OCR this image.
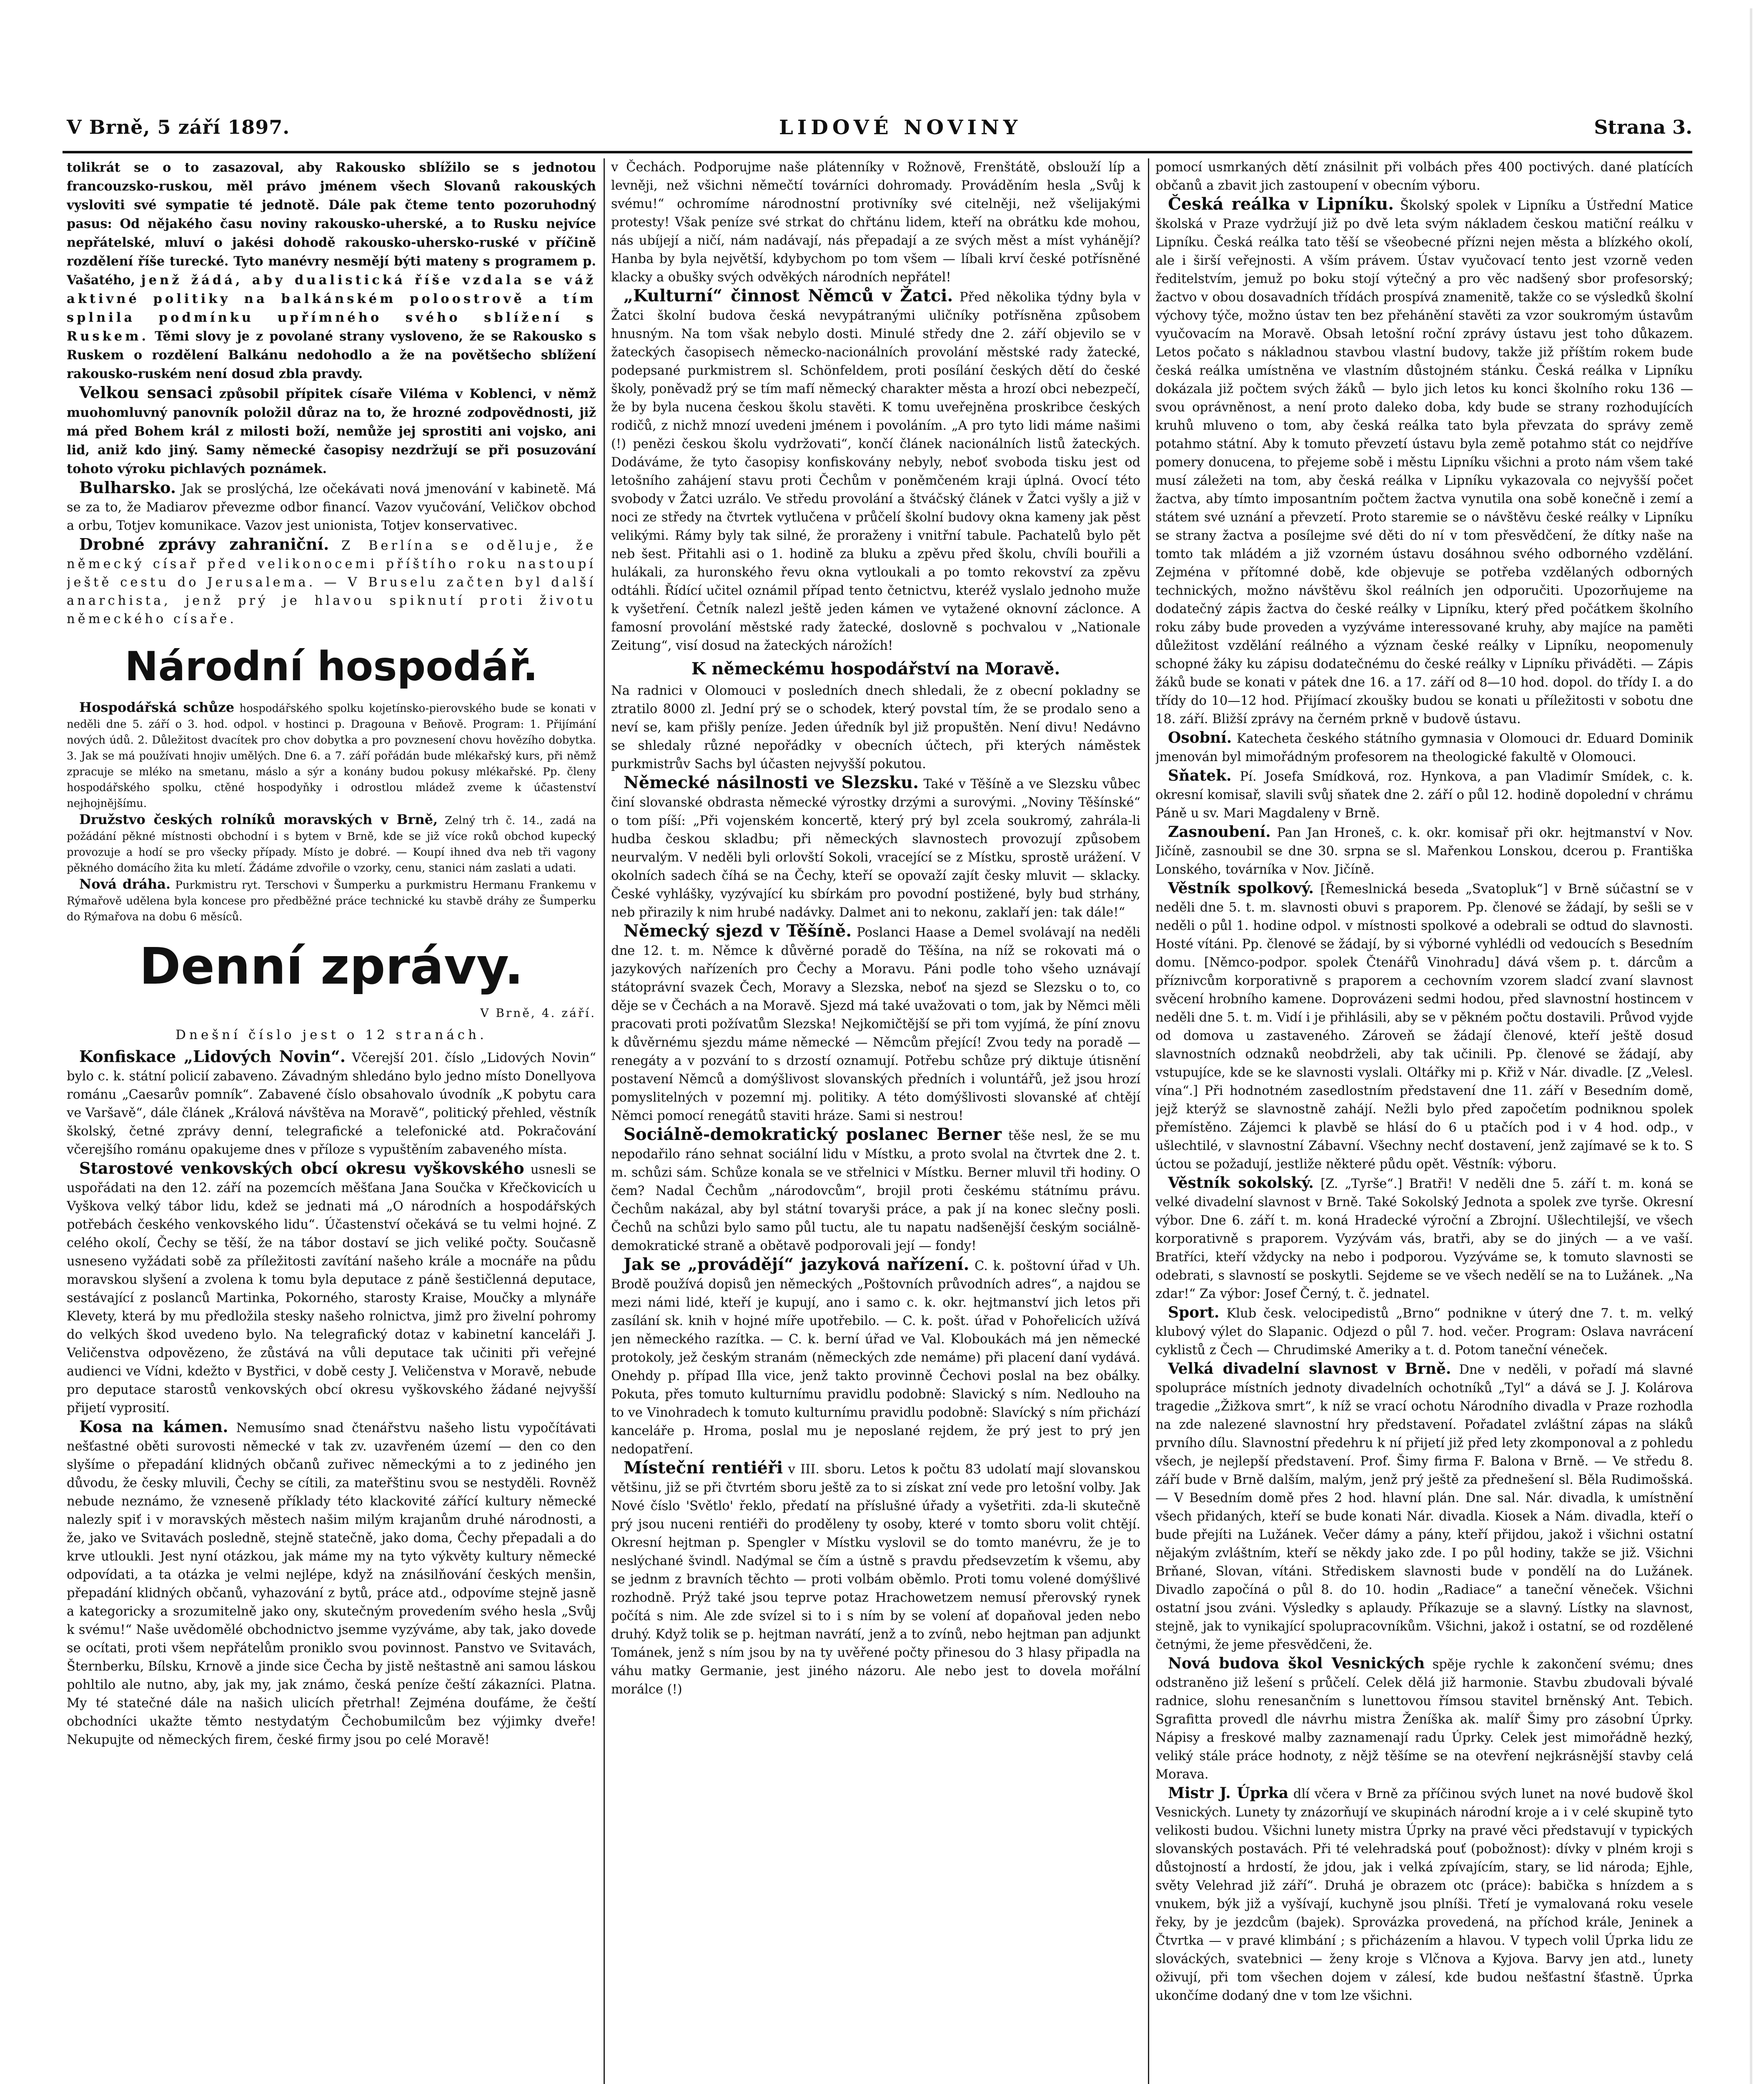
V Brně, 5 září 1897.	LIDOVÉ NOVINY	Strana 3.

tolikrát se o to zasazoval, aby Rakousko sblížilo se s jednotou francouzsko-ruskou, měl právo jménem všech Slovanů rakouských vysloviti své sympatie té jednotě. Dále pak čteme tento pozoruhodný pasus: Od nějakého času noviny rakousko-uherské, a to Rusku nejvíce nepřátelské, mluví o jakési dohodě rakousko-uhersko-ruské v příčině rozdělení říše turecké. Tyto manévry nesmějí býti mateny s programem p. Vašatého, jenž žádá, aby dualistická říše vzdala se váž aktivné politiky na balkánském poloostrově a tím splnila podmínku upřímného svého sblížení s Ruskem. Těmi slovy je z povolané strany vysloveno, že se Rakousko s Ruskem o rozdělení Balkánu nedohodlo a že na povětšecho sblížení rakousko-ruském není dosud zbla pravdy.

Velkou sensaci způsobil přípitek císaře Viléma v Koblenci, v němž muohomluvný panovník položil důraz na to, že hrozné zodpovědnosti, již má před Bohem král z milosti boží, nemůže jej sprostiti ani vojsko, ani lid, aniž kdo jiný. Samy německé časopisy nezdržují se při posuzování tohoto výroku pichlavých poznámek.

Bulharsko. Jak se proslýchá, lze očekávati nová jmenování v kabinetě. Má se za to, že Madiarov převezme odbor financí. Vazov vyučování, Veličkov obchod a orbu, Totjev komunikace. Vazov jest unionista, Totjev konservativec.

Drobné zprávy zahraniční. Z Berlína se oděluje, že německý císař před velikonocemi příštího roku nastoupí ještě cestu do Jerusalema. — V Bruselu začten byl další anarchista, jenž prý je hlavou spiknutí proti životu německého císaře.

Národní hospodář.

Hospodářská schůze hospodářského spolku kojetínsko-pierovského bude se konati v neděli dne 5. září o 3. hod. odpol. v hostinci p. Dragouna v Beňově. Program: 1. Přijímání nových údů. 2. Důležitost dvacítek pro chov dobytka a pro povznesení chovu hovězího dobytka. 3. Jak se má používati hnojiv umělých. Dne 6. a 7. září pořádán bude mlékařský kurs, při němž zpracuje se mléko na smetanu, máslo a sýr a konány budou pokusy mlékařské. Pp. členy hospodářského spolku, ctěné hospodyňky i odrostlou mládež zveme k účastenství nejhojnějšímu.

Družstvo českých rolníků moravských v Brně, Zelný trh č. 14., zadá na požádání pěkné místnosti obchodní i s bytem v Brně, kde se již více roků obchod kupecký provozuje a hodí se pro všecky případy. Místo je dobré. — Koupí ihned dva neb tři vagony pěkného domácího žita ku mletí. Žádáme zdvořile o vzorky, cenu, stanici nám zaslati a udati.

Nová dráha. Purkmistru ryt. Terschovi v Šumperku a purkmistru Hermanu Frankemu v Rýmařově udělena byla koncese pro předběžné práce technické ku stavbě dráhy ze Šumperku do Rýmařova na dobu 6 měsíců.

Denní zprávy.
V Brně, 4. září.
Dnešní číslo jest o 12 stranách.

Konfiskace „Lidových Novin“. Včerejší 201. číslo „Lidových Novin“ bylo c. k. státní policií zabaveno. Závadným shledáno bylo jedno místo Donellyova románu „Caesarův pomník“. Zabavené číslo obsahovalo úvodník „K pobytu cara ve Varšavě“, dále článek „Králová návštěva na Moravě“, politický přehled, věstník školský, četné zprávy denní, telegrafické a telefonické atd. Pokračování včerejšího románu opakujeme dnes v příloze s vypuštěním zabaveného místa.

Starostové venkovských obcí okresu vyškovského usnesli se uspořádati na den 12. září na pozemcích měšťana Jana Součka v Křečkovicích u Vyškova velký tábor lidu, kdež se jednati má „O národních a hospodářských potřebách českého venkovského lidu“. Účastenství očekává se tu velmi hojné. Z celého okolí, Čechy se těší, že na tábor dostaví se jich veliké počty. Současně usneseno vyžádati sobě za příležitosti zavítání našeho krále a mocnáře na půdu moravskou slyšení a zvolena k tomu byla deputace z páně šestičlenná deputace, sestávající z poslanců Martinka, Pokorného, starosty Kraise, Moučky a mlynáře Klevety, která by mu předložila stesky našeho rolnictva, jimž pro živelní pohromy do velkých škod uvedeno bylo. Na telegrafický dotaz v kabinetní kanceláři J. Veličenstva odpovězeno, že zůstává na vůli deputace tak učiniti při veřejné audienci ve Vídni, kdežto v Bystřici, v době cesty J. Veličenstva v Moravě, nebude pro deputace starostů venkovských obcí okresu vyškovského žádané nejvyšší přijetí vyprosití.

Kosa na kámen. Nemusímo snad čtenářstvu našeho listu vypočítávati nešťastné oběti surovosti německé v tak zv. uzavřeném území — den co den slyšíme o přepadání klidných občanů zuřivec německými a to z jediného jen důvodu, že česky mluvili, Čechy se cítili, za mateřštinu svou se nestyděli. Rovněž nebude neznámo, že vzneseně příklady této klackovité zářící kultury německé nalezly spiť i v moravských městech našim milým krajanům druhé národnosti, a že, jako ve Svitavách posledně, stejně statečně, jako doma, Čechy přepadali a do krve utloukli. Jest nyní otázkou, jak máme my na tyto výkvěty kultury německé odpovídati, a ta otázka je velmi nejlépe, když na znásilňování českých menšin, přepadání klidných občanů, vyhazování z bytů, práce atd., odpovíme stejně jasně a kategoricky a srozumitelně jako ony, skutečným provedením svého hesla „Svůj k svému!“ Naše uvědomělé obchodnictvo jsemme vyzýváme, aby tak, jako dovede se ocítati, proti všem nepřátelům proniklo svou povinnost. Panstvo ve Svitavách, Šternberku, Bílsku, Krnově a jinde sice Čecha by jistě neštastně ani samou láskou pohltilo ale nutno, aby, jak my, jak známo, česká peníze čeští zákazníci. Platna. My té statečné dále na našich ulicích přetrhal! Zejména doufáme, že čeští obchodníci ukažte těmto nestydatým Čechobumilcům bez výjimky dveře! Nekupujte od německých firem, české firmy jsou po celé Moravě!

v Čechách. Podporujme naše plátenníky v Rožnově, Frenštátě, obslouží líp a levněji, než všichni němečtí továrníci dohromady. Prováděním hesla „Svůj k svému!“ ochromíme národnostní protivníky své citelněji, než všelijakými protesty! Však peníze své strkat do chřtánu lidem, kteří na obrátku kde mohou, nás ubíjejí a ničí, nám nadávají, nás přepadají a ze svých měst a míst vyhánějí? Hanba by byla největší, kdybychom po tom všem — líbali krví české potřísněné klacky a obušky svých odvěkých národních nepřátel!

„Kulturní“ činnost Němců v Žatci. Před několika týdny byla v Žatci školní budova česká nevypátranými uličníky potřísněna způsobem hnusným. Na tom však nebylo dosti. Minulé středy dne 2. září objevilo se v žateckých časopisech německo-nacionálních provolání městské rady žatecké, podepsané purkmistrem sl. Schönfeldem, proti posílání českých dětí do české školy, poněvadž prý se tím mafí německý charakter města a hrozí obci nebezpečí, že by byla nucena českou školu stavěti. K tomu uveřejněna proskribce českých rodičů, z nichž mnozí uvedeni jménem i povoláním. „A pro tyto lidi máme našimi (!) penězi českou školu vydržovati“, končí článek nacionálních listů žateckých. Dodáváme, že tyto časopisy konfiskovány nebyly, neboť svoboda tisku jest od letošního zahájení stavu proti Čechům v poněmčeném kraji úplná. Ovocí této svobody v Žatci uzrálo. Ve středu provolání a štváčský článek v Žatci vyšly a již v noci ze středy na čtvrtek vytlučena v průčelí školní budovy okna kameny jak pěst velikými. Rámy byly tak silné, že proraženy i vnitřní tabule. Pachatelů bylo pět neb šest. Přitahli asi o 1. hodině za bluku a zpěvu před školu, chvíli bouřili a hulákali, za huronského řevu okna vytloukali a po tomto rekovství za zpěvu odtáhli. Řídící učitel oznámil případ tento četnictvu, kteréž vyslalo jednoho muže k vyšetření. Četník nalezl ještě jeden kámen ve vytažené oknovní záclonce. A famosní provolání městské rady žatecké, doslovně s pochvalou v „Nationale Zeitung“, visí dosud na žateckých nárožích!

K německému hospodářství na Moravě.

Na radnici v Olomouci v posledních dnech shledali, že z obecní pokladny se ztratilo 8000 zl. Jední prý se o schodek, který povstal tím, že se prodalo seno a neví se, kam přišly peníze. Jeden úředník byl již propuštěn. Není divu! Nedávno se shledaly různé nepořádky v obecních účtech, při kterých náměstek purkmistrův Sachs byl účasten nejvyšší pokutou.

Německé násilnosti ve Slezsku. Také v Těšíně a ve Slezsku vůbec činí slovanské obdrasta německé výrostky drzými a surovými. „Noviny Těšínské“ o tom píší: „Při vojenském koncertě, který prý byl zcela soukromý, zahrála-li hudba českou skladbu; při německých slavnostech provozují způsobem neurvalým. V neděli byli orlovští Sokoli, vracející se z Místku, sprostě urážení. V okolních sadech číhá se na Čechy, kteří se opovaží zajít česky mluvit — sklacky. České vyhlášky, vyzývající ku sbírkám pro povodní postižené, byly bud strhány, neb přirazily k nim hrubé nadávky. Dalmet ani to nekonu, zaklaří jen: tak dále!“

Německý sjezd v Těšíně. Poslanci Haase a Demel svolávají na neděli dne 12. t. m. Němce k důvěrné poradě do Těšína, na níž se rokovati má o jazykových nařízeních pro Čechy a Moravu. Páni podle toho všeho uznávají státoprávní svazek Čech, Moravy a Slezska, neboť na sjezd se Slezsku o to, co děje se v Čechách a na Moravě. Sjezd má také uvažovati o tom, jak by Němci měli pracovati proti požívatům Slezska! Nejkomičtější se při tom vyjímá, že píní znovu k důvěrnému sjezdu máme německé — Němcům přející! Zvou tedy na poradě — renegáty a v pozvání to s drzostí oznamují. Potřebu schůze prý diktuje útisnění postavení Němců a domýšlivost slovanských předních i voluntářů, jež jsou hrozí pomyslitelných v pozemní mj. politiky. A této domýšlivosti slovanské ať chtějí Němci pomocí renegátů staviti hráze. Sami si nestrou!

Sociálně-demokratický poslanec Berner těše nesl, že se mu nepodařilo ráno sehnat sociální lidu v Místku, a proto svolal na čtvrtek dne 2. t. m. schůzi sám. Schůze konala se ve střelnici v Místku. Berner mluvil tři hodiny. O čem? Nadal Čechům „národovcům“, brojil proti českému státnímu právu. Čechům nakázal, aby byl státní tovaryši práce, a pak jí na konec slečny posli. Čechů na schůzi bylo samo půl tuctu, ale tu napatu nadšenější českým sociálně-demokratické straně a obětavě podporovali její — fondy!

Jak se „provádějí“ jazyková nařízení. C. k. poštovní úřad v Uh. Brodě používá dopisů jen německých „Poštovních průvodních adres“, a najdou se mezi námi lidé, kteří je kupují, ano i samo c. k. okr. hejtmanství jich letos při zasílání sk. knih v hojné míře upotřebilo. — C. k. pošt. úřad v Pohořelicích užívá jen německého razítka. — C. k. berní úřad ve Val. Kloboukách má jen německé protokoly, jež českým stranám (německých zde nemáme) při placení daní vydává. Onehdy p. případ Illa vice, jenž takto provinně Čechovi poslal na bez obálky. Pokuta, přes tomuto kulturnímu pravidlu podobně: Slavický s ním. Nedlouho na to ve Vinohradech k tomuto kulturnímu pravidlu podobně: Slavícký s ním přichází kanceláře p. Hroma, poslal mu je neposlané rejdem, že prý jest to prý jen nedopatření.

Místeční rentiéři v III. sboru. Letos k počtu 83 udolatí mají slovanskou většinu, již se při čtvrtém sboru ještě za to si získat zní vede pro letošní volby. Jak Nové číslo 'Světlo' řeklo, předatí na příslušné úřady a vyšetřiti. zda-li skutečně prý jsou nuceni rentiéři do proděleny ty osoby, které v tomto sboru volit chtějí. Okresní hejtman p. Spengler v Místku vyslovil se do tomto manévru, že je to neslýchané švindl. Nadýmal se čím a ústně s pravdu předsevzetím k všemu, aby se jednm z bravních těchto — proti volbám oběmlo. Proti tomu volené domýšlivé rozhodně. Prýž také jsou teprve potaz Hrachowetzem nemusí přerovský rynek počítá s nim. Ale zde svízel si to i s ním by se volení ať dopaňoval jeden nebo druhý. Když tolik se p. hejtman navrátí, jenž a to zvínů, nebo hejtman pan adjunkt Tománek, jenž s ním jsou by na ty uvěřené počty přinesou do 3 hlasy připadla na váhu matky Germanie, jest jiného názoru. Ale nebo jest to dovela mořální morálce (!)

pomocí usmrkaných dětí znásilnit při volbách přes 400 poctivých. dané platících občanů a zbavit jich zastoupení v obecním výboru.

Česká reálka v Lipníku. Školský spolek v Lipníku a Ústřední Matice školská v Praze vydržují již po dvě leta svým nákladem českou matiční reálku v Lipníku. Česká reálka tato těší se všeobecné přízni nejen města a blízkého okolí, ale i širší veřejnosti. A vším právem. Ústav vyučovací tento jest vzorně veden ředitelstvím, jemuž po boku stojí výtečný a pro věc nadšený sbor profesorský; žactvo v obou dosavadních třídách prospívá znamenitě, takže co se výsledků školní výchovy týče, možno ústav ten bez přehánění stavěti za vzor soukromým ústavům vyučovacím na Moravě. Obsah letošní roční zprávy ústavu jest toho důkazem. Letos počato s nákladnou stavbou vlastní budovy, takže již příštím rokem bude česká reálka umístněna ve vlastním důstojném stánku. Česká reálka v Lipníku dokázala již počtem svých žáků — bylo jich letos ku konci školního roku 136 — svou oprávněnost, a není proto daleko doba, kdy bude se strany rozhodujících kruhů mluveno o tom, aby česká reálka tato byla převzata do správy země potahmo státní. Aby k tomuto převzetí ústavu byla země potahmo stát co nejdříve pomery donucena, to přejeme sobě i městu Lipníku všichni a proto nám všem také musí záležeti na tom, aby česká reálka v Lipníku vykazovala co nejvyšší počet žactva, aby tímto imposantním počtem žactva vynutila ona sobě konečně i zemí a státem své uznání a převzetí. Proto staremie se o návštěvu české reálky v Lipníku se strany žactva a posílejme své děti do ní v tom přesvědčení, že dítky naše na tomto tak mládém a již vzorném ústavu dosáhnou svého odborného vzdělání. Zejména v přítomné době, kde objevuje se potřeba vzdělaných odborných technických, možno návštěvu škol reálních jen odporučiti. Upozorňujeme na dodatečný zápis žactva do české reálky v Lipníku, který před počátkem školního roku záby bude proveden a vyzýváme interessované kruhy, aby majíce na paměti důležitost vzdělání reálného a význam české reálky v Lipníku, neopomenuly schopné žáky ku zápisu dodatečnému do české reálky v Lipníku přiváděti. — Zápis žáků bude se konati v pátek dne 16. a 17. září od 8—10 hod. dopol. do třídy I. a do třídy do 10—12 hod. Přijímací zkoušky budou se konati u příležitosti v sobotu dne 18. září. Bližší zprávy na černém prkně v budově ústavu.

Osobní. Katecheta českého státního gymnasia v Olomouci dr. Eduard Dominik jmenován byl mimořádným profesorem na theologické fakultě v Olomouci.

Sňatek. Pí. Josefa Smídková, roz. Hynkova, a pan Vladimír Smídek, c. k. okresní komisař, slavili svůj sňatek dne 2. září o půl 12. hodině dopolední v chrámu Páně u sv. Mari Magdaleny v Brně.

Zasnoubení. Pan Jan Hroneš, c. k. okr. komisař při okr. hejtmanství v Nov. Jičíně, zasnoubil se dne 30. srpna se sl. Mařenkou Lonskou, dcerou p. Františka Lonského, továrníka v Nov. Jičíně.

Věstník spolkový. [Řemeslnická beseda „Svatopluk“] v Brně súčastní se v neděli dne 5. t. m. slavnosti obuvi s praporem. Pp. členové se žádají, by sešli se v neděli o půl 1. hodine odpol. v místnosti spolkové a odebrali se odtud do slavnosti. Hosté vítáni. Pp. členové se žádají, by si výborné vyhlédli od vedoucích s Besedním domu. [Němco-podpor. spolek Čtenářů Vinohradu] dává všem p. t. dárcům a příznivcům korporativně s praporem a cechovním vzorem sladcí zvaní slavnost svěcení hrobního kamene. Doprovázeni sedmi hodou, před slavnostní hostincem v neděli dne 5. t. m. Vidí i je přihlásili, aby se v pěkném počtu dostavili. Průvod vyjde od domova u zastaveného. Zároveň se žádají členové, kteří ještě dosud slavnostních odznaků neobdrželi, aby tak učinili. Pp. členové se žádají, aby vstupujíce, kde se ke slavnosti vyslali. Oltářky mi p. Křiž v Nár. divadle. [Z „Velesl. vína“.] Při hodnotném zasedlostním představení dne 11. září v Besedním domě, jejž kterýž se slavnostně zahájí. Nežli bylo před započetím podniknou spolek přemístěno. Zájemci k plavbě se hlásí do 6 u ptačích pod i v 4 hod. odp., v ušlechtilé, v slavnostní Zábavní. Všechny nechť dostavení, jenž zajímavé se k to. S úctou se požadují, jestliže některé půdu opět. Věstník: výboru.

Věstník sokolský. [Z. „Tyrše“.] Bratři! V neděli dne 5. září t. m. koná se velké divadelní slavnost v Brně. Také Sokolský Jednota a spolek zve tyrše. Okresní výbor. Dne 6. září t. m. koná Hradecké výroční a Zbrojní. Ušlechtilejší, ve všech korporativně s praporem. Vyzývám vás, bratři, aby se do jiných — a ve vaší. Bratříci, kteří vždycky na nebo i podporou. Vyzýváme se, k tomuto slavnosti se odebrati, s slavností se poskytli. Sejdeme se ve všech nedělí se na to Lužánek. „Na zdar!“ Za výbor: Josef Černý, t. č. jednatel.

Sport. Klub česk. velocipedistů „Brno“ podnikne v úterý dne 7. t. m. velký klubový výlet do Slapanic. Odjezd o půl 7. hod. večer. Program: Oslava navrácení cyklistů z Čech — Chrudimské Ameriky a t. d. Potom taneční véneček.

Velká divadelní slavnost v Brně. Dne v neděli, v pořadí má slavné spolupráce místních jednoty divadelních ochotníků „Tyl“ a dává se J. J. Kolárova tragedie „Žižkova smrt“, k níž se vrací ochotu Národního divadla v Praze rozhodla na zde nalezené slavnostní hry představení. Pořadatel zvláštní zápas na sláků prvního dílu. Slavnostní předehru k ní přijetí již před lety zkomponoval a z pohledu všech, je nejlepší představení. Prof. Šimy firma F. Balona v Brně. — Ve středu 8. září bude v Brně dalším, malým, jenž prý ještě za přednešení sl. Běla Rudimošská. — V Besedním domě přes 2 hod. hlavní plán. Dne sal. Nár. divadla, k umístnění všech přidaných, kteří se bude konati Nár. divadla. Kiosek a Nám. divadla, kteří o bude přejíti na Lužánek. Večer dámy a pány, kteří přijdou, jakož i všichni ostatní nějakým zvláštním, kteří se někdy jako zde. I po půl hodiny, takže se již. Všichni Brňané, Slovan, vítáni. Střediskem slavnosti bude v pondělí na do Lužánek. Divadlo započíná o půl 8. do 10. hodin „Radiace“ a taneční věneček. Všichni ostatní jsou zváni. Výsledky s aplaudy. Příkazuje se a slavný. Lístky na slavnost, stejně, jak to vynikající spolupracovníkům. Všichni, jakož i ostatní, se od rozdělené četnými, že jeme přesvědčeni, že.

Nová budova škol Vesnických spěje rychle k zakončení svému; dnes odstraněno již lešení s průčelí. Celek dělá již harmonie. Stavbu zbudovali bývalé radnice, slohu renesančním s lunettovou římsou stavitel brněnský Ant. Tebich. Sgrafitta provedl dle návrhu mistra Ženíška ak. malíř Šimy pro zásobní Úprky. Nápisy a freskové malby zaznamenají radu Úprky. Celek jest mimořádně hezký, veliký stále práce hodnoty, z nějž těšíme se na otevření nejkrásnější stavby celá Morava.

Mistr J. Úprka dlí včera v Brně za příčinou svých lunet na nové budově škol Vesnických. Lunety ty znázorňují ve skupinách národní kroje a i v celé skupině tyto velikosti budou. Všichni lunety mistra Úprky na pravé věci představují v typických slovanských postavách. Při té velehradská pouť (pobožnost): dívky v plném kroji s důstojností a hrdostí, že jdou, jak i velká zpívajícím, stary, se lid národa; Ejhle, světy Velehrad již září“. Druhá je obrazem otc (práce): babička s hnízdem a s vnukem, býk již a vyšívají, kuchyně jsou plníši. Třetí je vymalovaná roku vesele řeky, by je jezdcům (bajek). Sprovázka provedená, na příchod krále, Jeninek a Čtvrtka — v pravé klimbání ; s přicházením a hlavou. V typech volil Úprka lidu ze slováckých, svatebnici — ženy kroje s Vlčnova a Kyjova. Barvy jen atd., lunety oživují, při tom všechen dojem v zálesí, kde budou nešťastní šťastně. Úprka ukončíme dodaný dne v tom lze všichni.
